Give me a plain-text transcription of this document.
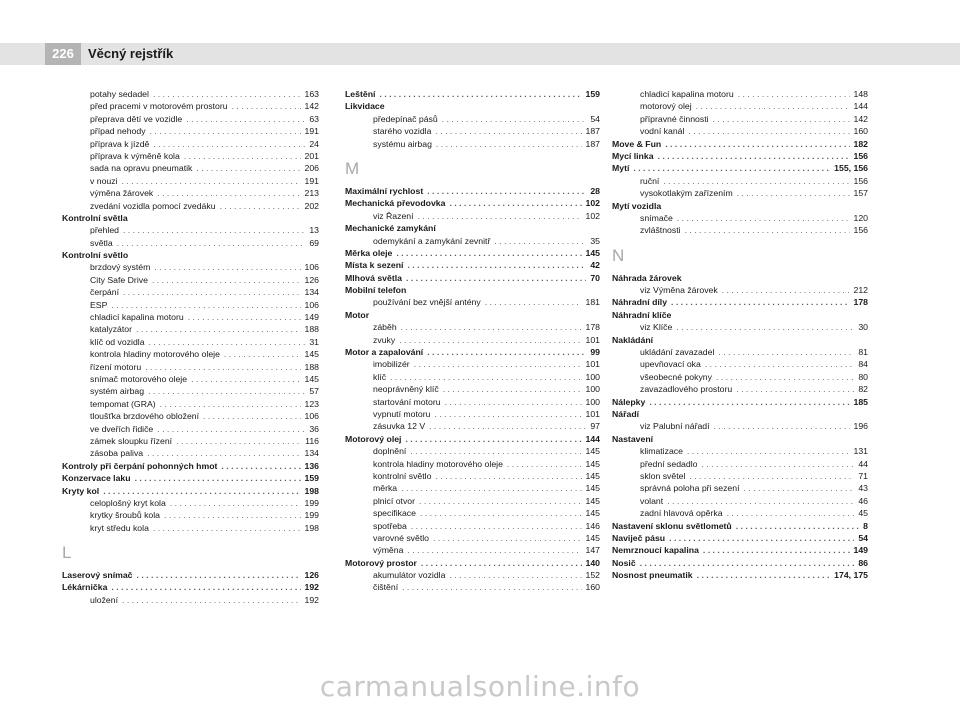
226	Věcný rejstřík
potahy sedadel . . .	163
před pracemi v motorovém prostoru . . .	142
přeprava dětí ve vozidle . . .	63
případ nehody . . .	191
příprava k jízdě . . .	24
příprava k výměně kola . . .	201
sada na opravu pneumatik . . .	206
v nouzi . . .	191
výměna žárovek . . .	213
zvedání vozidla pomocí zvedáku . . .	202
Kontrolní světla
přehled . . .	13
světla . . .	69
Kontrolní světlo
brzdový systém . . .	106
City Safe Drive . . .	126
čerpání . . .	134
ESP . . .	106
chladicí kapalina motoru . . .	149
katalyzátor . . .	188
klíč od vozidla . . .	31
kontrola hladiny motorového oleje . . .	145
řízení motoru . . .	188
snímač motorového oleje . . .	145
systém airbag . . .	57
tempomat (GRA) . . .	123
tloušťka brzdového obložení . . .	106
ve dveřích řidiče . . .	36
zámek sloupku řízení . . .	116
zásoba paliva . . .	134
Kontroly při čerpání pohonných hmot . . .	136
Konzervace laku . . .	159
Kryty kol . . .	198
celoplošný kryt kola . . .	199
krytky šroubů kola . . .	199
kryt středu kola . . .	198
L
Laserový snímač . . .	126
Lékárnička . . .	192
uložení . . .	192
Leštění . . .	159
Likvidace
předepínač pásů . . .	54
starého vozidla . . .	187
systému airbag . . .	187
M
Maximální rychlost . . .	28
Mechanická převodovka . . .	102
viz Řazení . . .	102
Mechanické zamykání
odemykání a zamykání zevnitř . . .	35
Měrka oleje . . .	145
Místa k sezení . . .	42
Mlhová světla . . .	70
Mobilní telefon
používání bez vnější antény . . .	181
Motor
záběh . . .	178
zvuky . . .	101
Motor a zapalování . . .	99
imobilizér . . .	101
klíč . . .	100
neoprávněný klíč . . .	100
startování motoru . . .	100
vypnutí motoru . . .	101
zásuvka 12 V . . .	97
Motorový olej . . .	144
doplnění . . .	145
kontrola hladiny motorového oleje . . .	145
kontrolní světlo . . .	145
měrka . . .	145
plnicí otvor . . .	145
specifikace . . .	145
spotřeba . . .	146
varovné světlo . . .	145
výměna . . .	147
Motorový prostor . . .	140
akumulátor vozidla . . .	152
čištění . . .	160
chladicí kapalina motoru . . .	148
motorový olej . . .	144
přípravné činnosti . . .	142
vodní kanál . . .	160
Move & Fun . . .	182
Mycí linka . . .	156
Mytí . . .	155, 156
ruční . . .	156
vysokotlakým zařízením . . .	157
Mytí vozidla
snímače . . .	120
zvláštnosti . . .	156
N
Náhrada žárovek
viz Výměna žárovek . . .	212
Náhradní díly . . .	178
Náhradní klíče
viz Klíče . . .	30
Nakládání
ukládání zavazadel . . .	81
upevňovací oka . . .	84
všeobecné pokyny . . .	80
zavazadlového prostoru . . .	82
Nálepky . . .	185
Nářadí
viz Palubní nářadí . . .	196
Nastavení
klimatizace . . .	131
přední sedadlo . . .	44
sklon světel . . .	71
správná poloha při sezení . . .	43
volant . . .	46
zadní hlavová opěrka . . .	45
Nastavení sklonu světlometů . . .	8
Naviječ pásu . . .	54
Nemrznoucí kapalina . . .	149
Nosič . . .	86
Nosnost pneumatik . . .	174, 175
carmanualsonline.info
